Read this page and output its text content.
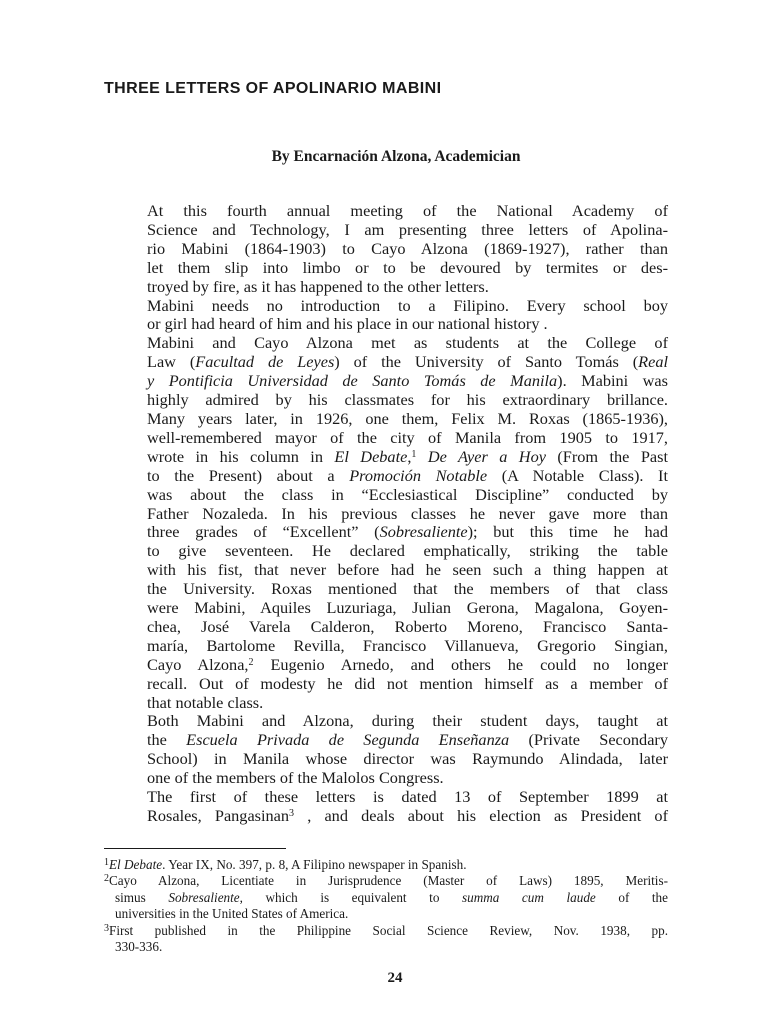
THREE LETTERS OF APOLINARIO MABINI

By Encarnación Alzona, Academician

At this fourth annual meeting of the National Academy of
Science and Technology, I am presenting three letters of Apolina-
rio Mabini (1864-1903) to Cayo Alzona (1869-1927), rather than
let them slip into limbo or to be devoured by termites or des-
troyed by fire, as it has happened to the other letters.

Mabini needs no introduction to a Filipino. Every school boy
or girl had heard of him and his place in our national history .

Mabini and Cayo Alzona met as students at the College of
Law (Facultad de Leyes) of the University of Santo Tomás (Real
y Pontificia Universidad de Santo Tomás de Manila). Mabini was
highly admired by his classmates for his extraordinary brillance.
Many years later, in 1926, one them, Felix M. Roxas (1865-1936),
well-remembered mayor of the city of Manila from 1905 to 1917,
wrote in his column in El Debate,$^1$ De Ayer a Hoy (From the Past
to the Present) about a Promoción Notable (A Notable Class). It
was about the class in “Ecclesiastical Discipline” conducted by
Father Nozaleda. In his previous classes he never gave more than
three grades of “Excellent” (Sobresaliente); but this time he had
to give seventeen. He declared emphatically, striking the table
with his fist, that never before had he seen such a thing happen at
the University. Roxas mentioned that the members of that class
were Mabini, Aquiles Luzuriaga, Julian Gerona, Magalona, Goyen-
chea, José Varela Calderon, Roberto Moreno, Francisco Santa-
maría, Bartolome Revilla, Francisco Villanueva, Gregorio Singian,
Cayo Alzona,$^2$ Eugenio Arnedo, and others he could no longer
recall. Out of modesty he did not mention himself as a member of
that notable class.

Both Mabini and Alzona, during their student days, taught at
the Escuela Privada de Segunda Enseñanza (Private Secondary
School) in Manila whose director was Raymundo Alindada, later
one of the members of the Malolos Congress.

The first of these letters is dated 13 of September 1899 at
Rosales, Pangasinan$^3$ , and deals about his election as President of

$^1$El Debate. Year IX, No. 397, p. 8, A Filipino newspaper in Spanish.
$^2$Cayo Alzona, Licentiate in Jurisprudence (Master of Laws) 1895, Meritis-
simus Sobresaliente, which is equivalent to summa cum laude of the
universities in the United States of America.
$^3$First published in the Philippine Social Science Review, Nov. 1938, pp.
330-336.
24
